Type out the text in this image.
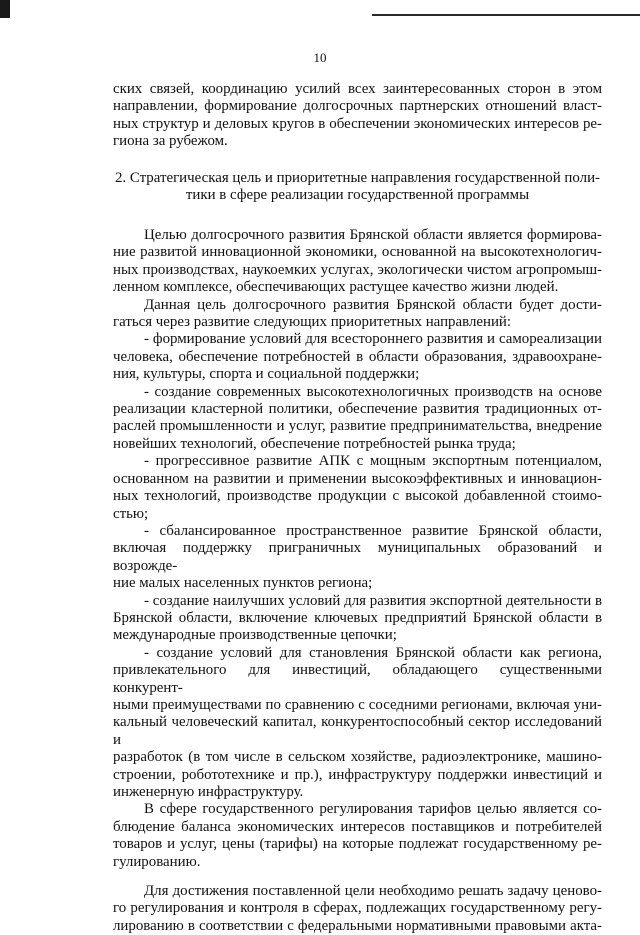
10

ских связей, координацию усилий всех заинтересованных сторон в этом

направлении, формирование долгосрочных партнерских отношений власт-

ных структур и деловых кругов в обеспечении экономических интересов ре-

гиона за рубежом.

2. Стратегическая цель и приоритетные направления государственной поли-
тики в сфере реализации государственной программы

Целью долгосрочного развития Брянской области является формирова-

ние развитой инновационной экономики, основанной на высокотехнологич-

ных производствах, наукоемких услугах, экологически чистом агропромыш-

ленном комплексе, обеспечивающих растущее качество жизни людей.

Данная цель долгосрочного развития Брянской области будет дости-

гаться через развитие следующих приоритетных направлений:

- формирование условий для всестороннего развития и самореализации

человека, обеспечение потребностей в области образования, здравоохране-

ния, культуры, спорта и социальной поддержки;

- создание современных высокотехнологичных производств на основе

реализации кластерной политики, обеспечение развития традиционных от-

раслей промышленности и услуг, развитие предпринимательства, внедрение

новейших технологий, обеспечение потребностей рынка труда;

- прогрессивное развитие АПК с мощным экспортным потенциалом,

основанном на развитии и применении высокоэффективных и инновацион-

ных технологий, производстве продукции с высокой добавленной стоимо-

стью;

- сбалансированное пространственное развитие Брянской области,

включая поддержку приграничных муниципальных образований и возрожде-

ние малых населенных пунктов региона;

- создание наилучших условий для развития экспортной деятельности в

Брянской области, включение ключевых предприятий Брянской области в

международные производственные цепочки;

- создание условий для становления Брянской области как региона,

привлекательного для инвестиций, обладающего существенными конкурент-

ными преимуществами по сравнению с соседними регионами, включая уни-

кальный человеческий капитал, конкурентоспособный сектор исследований и

разработок (в том числе в сельском хозяйстве, радиоэлектронике, машино-

строении, робототехнике и пр.), инфраструктуру поддержки инвестиций и

инженерную инфраструктуру.

В сфере государственного регулирования тарифов целью является со-

блюдение баланса экономических интересов поставщиков и потребителей

товаров и услуг, цены (тарифы) на которые подлежат государственному ре-

гулированию.

Для достижения поставленной цели необходимо решать задачу ценово-

го регулирования и контроля в сферах, подлежащих государственному регу-

лированию в соответствии с федеральными нормативными правовыми акта-
